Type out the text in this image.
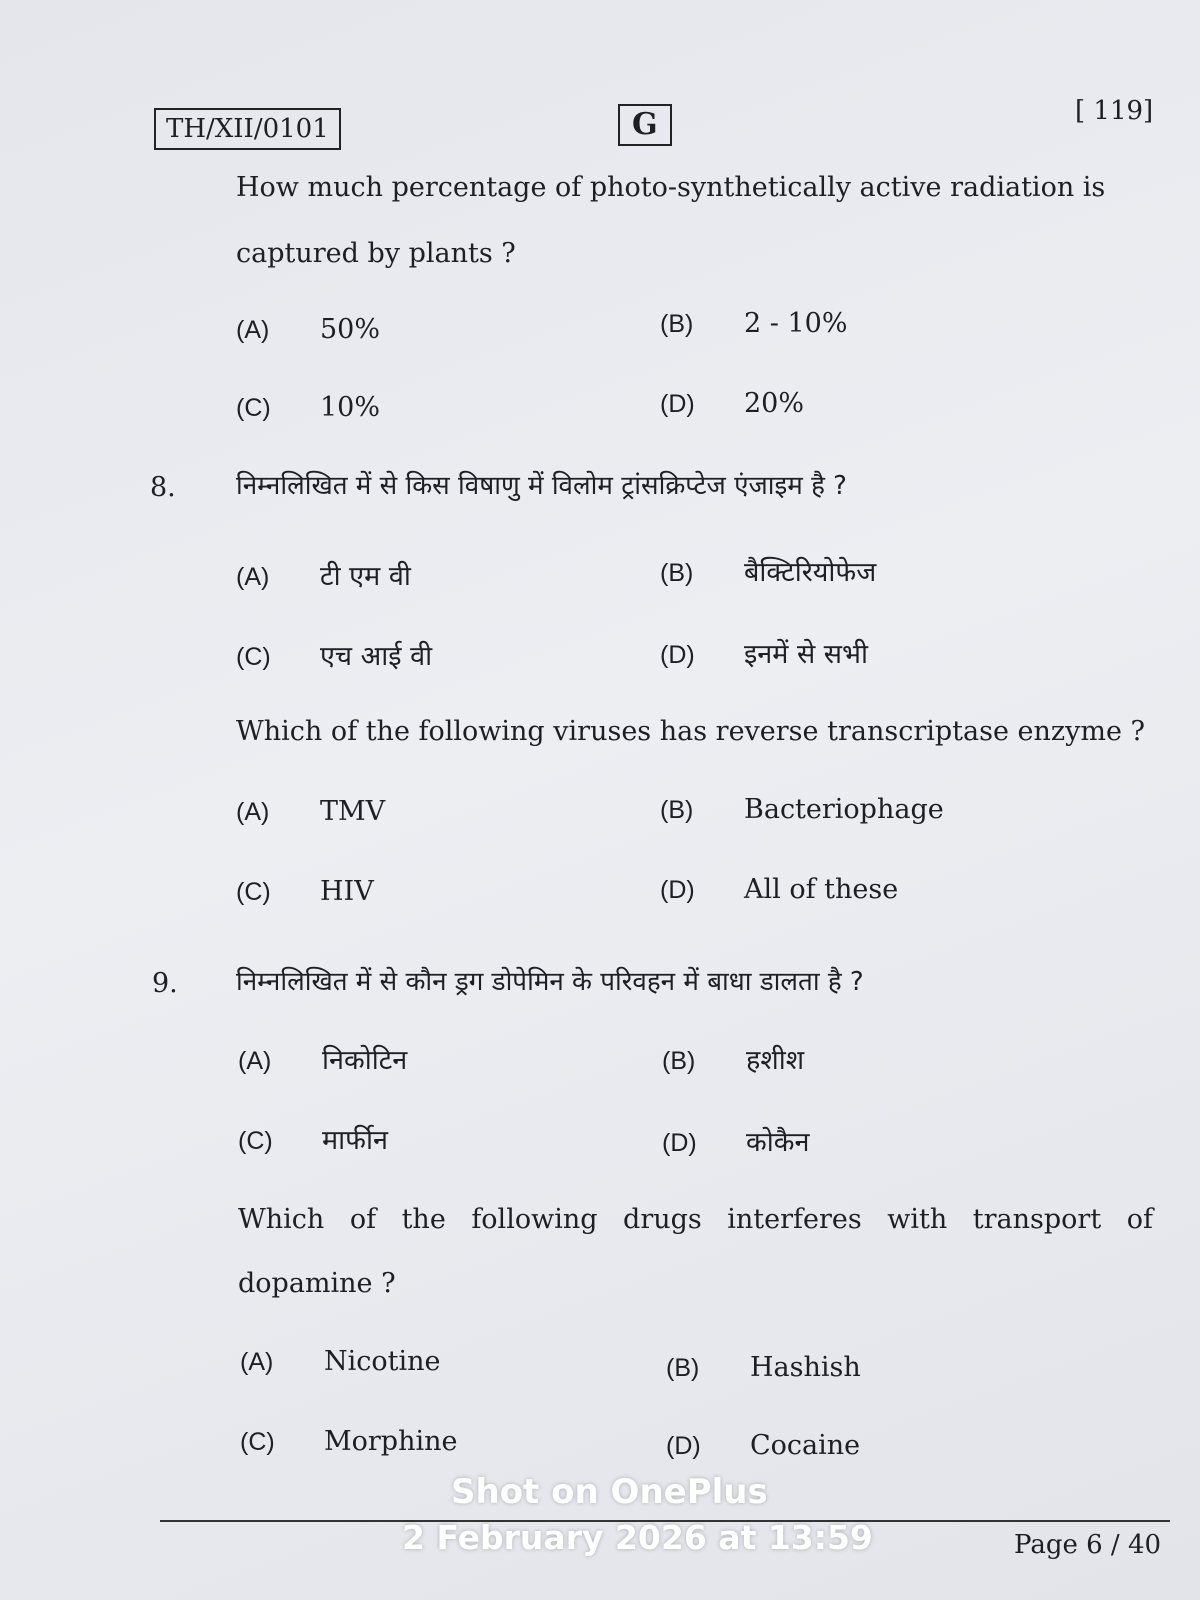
TH/XII/0101	G	[ 119]
How much percentage of photo-synthetically active radiation is
captured by plants ?
(A) 50%	(B) 2 - 10%
(C) 10%	(D) 20%
8. निम्नलिखित में से किस विषाणु में विलोम ट्रांसक्रिप्टेज एंजाइम है ?
(A) टी एम वी	(B) बैक्टिरियोफेज
(C) एच आई वी	(D) इनमें से सभी
Which of the following viruses has reverse transcriptase enzyme ?
(A) TMV	(B) Bacteriophage
(C) HIV	(D) All of these
9. निम्नलिखित में से कौन ड्रग डोपेमिन के परिवहन में बाधा डालता है ?
(A) निकोटिन	(B) हशीश
(C) मार्फीन	(D) कोकैन
Which of the following drugs interferes with transport of
dopamine ?
(A) Nicotine	(B) Hashish
(C) Morphine	(D) Cocaine
Page 6 / 40
Shot on OnePlus
2 February 2026 at 13:59
